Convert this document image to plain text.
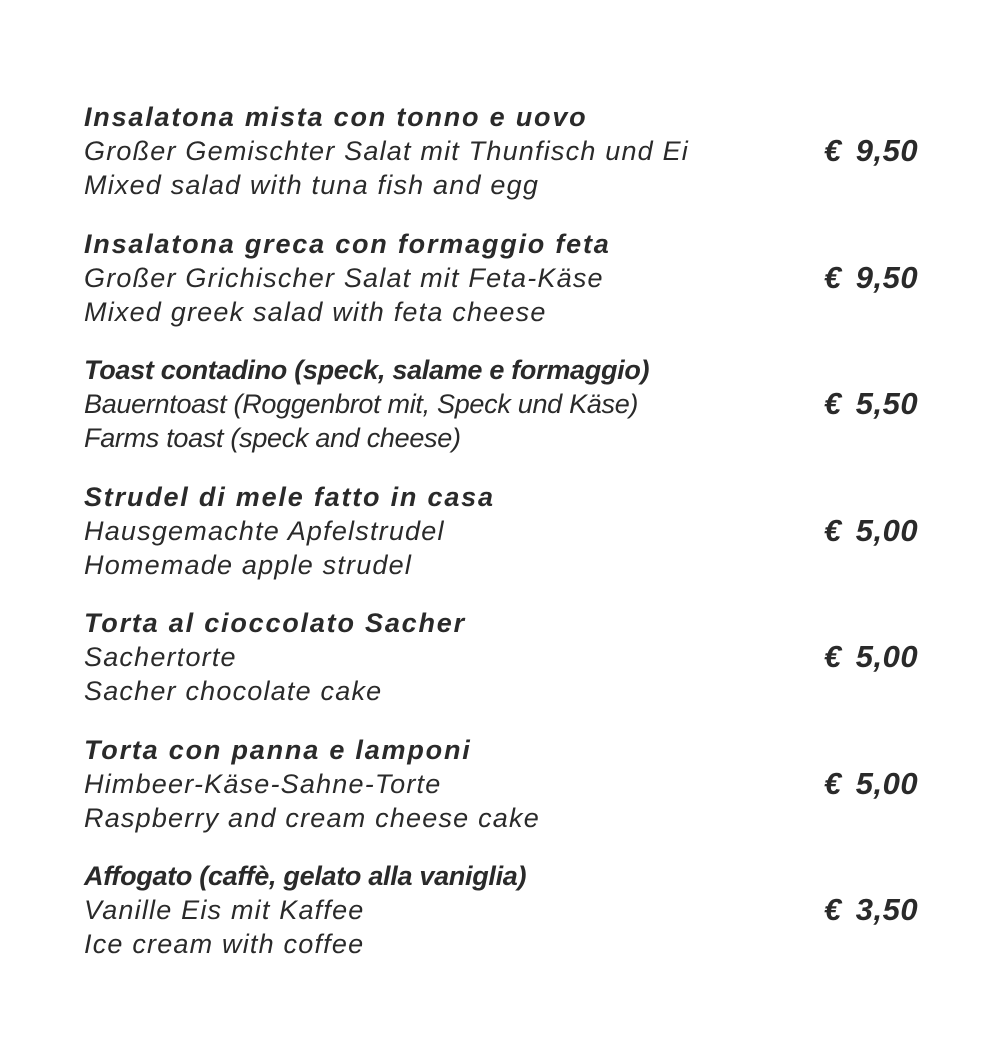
Insalatona mista con tonno e uovo
Großer Gemischter Salat mit Thunfisch und Ei
Mixed salad with tuna fish and egg
€ 9,50
Insalatona greca con formaggio feta
Großer Grichischer Salat mit Feta-Käse
Mixed greek salad with feta cheese
€ 9,50
Toast contadino (speck, salame e formaggio)
Bauerntoast (Roggenbrot mit, Speck und Käse)
Farms toast (speck and cheese)
€ 5,50
Strudel di mele fatto in casa
Hausgemachte Apfelstrudel
Homemade apple strudel
€ 5,00
Torta al cioccolato Sacher
Sachertorte
Sacher chocolate cake
€ 5,00
Torta con panna e lamponi
Himbeer-Käse-Sahne-Torte
Raspberry and cream cheese cake
€ 5,00
Affogato (caffè, gelato alla vaniglia)
Vanille Eis mit Kaffee
Ice cream with coffee
€ 3,50
